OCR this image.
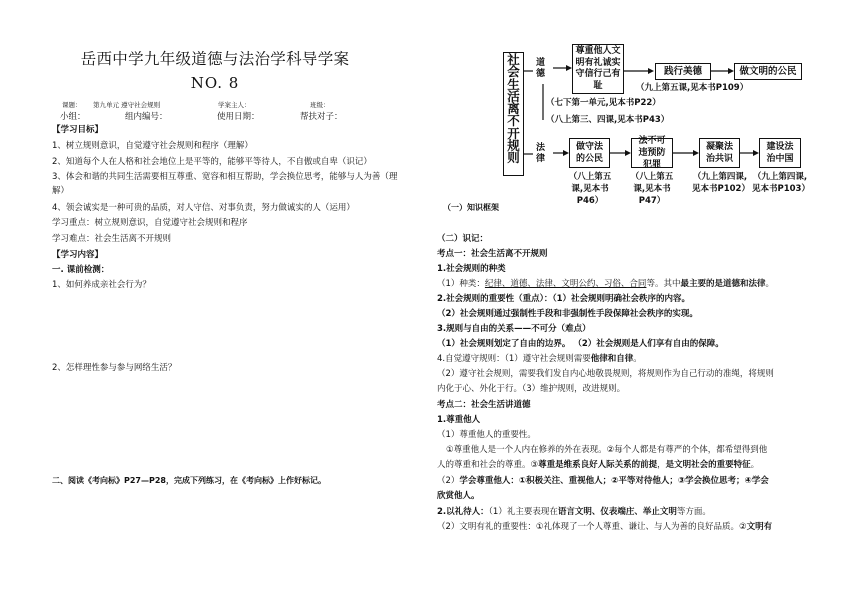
岳西中学九年级道德与法治学科导学案
NO. 8
课题： 第九单元 遵守社会规则	学案主人：	班级：
小组：	组内编号：	使用日期：	帮扶对子：
【学习目标】
1、树立规则意识，自觉遵守社会规则和程序（理解）
2、知道每个人在人格和社会地位上是平等的，能够平等待人，不自傲或自卑（识记）
3、体会和谐的共同生活需要相互尊重、宽容和相互帮助，学会换位思考，能够与人为善（理
解）
4、领会诚实是一种可贵的品质，对人守信、对事负责，努力做诚实的人（运用）
学习重点：树立规则意识，自觉遵守社会规则和程序
学习难点：社会生活离不开规则
【学习内容】
一. 课前检测：
1、如何养成亲社会行为？
2、怎样理性参与参与网络生活？
二、阅读《考向标》P27—P28，完成下列练习，在《考向标》上作好标记。
社会生活离不开规则
道德
法律
尊重他人文明有礼诚实守信行己有耻
践行美德	做文明的公民
（九上第五课,见本书P109）
（七下第一单元,见本书P22）
（八上第三、四课,见本书P43）
做守法的公民
法不可违预防犯罪
凝聚法治共识
建设法治中国
（八上第五课,见本书P46）
（八上第五课,见本书P47）
（九上第四课,见本书P102）
（九上第四课,见本书P103）
（一）知识框架
（二）识记：
考点一：社会生活离不开规则
1.社会规则的种类
（1）种类：纪律、道德、法律、文明公约、习俗、合同等。其中最主要的是道德和法律。
2.社会规则的重要性（重点）：（1）社会规则明确社会秩序的内容。
（2）社会规则通过强制性手段和非强制性手段保障社会秩序的实现。
3.规则与自由的关系——不可分（难点）
（1）社会规则划定了自由的边界。 （2）社会规则是人们享有自由的保障。
4.自觉遵守规则：（1）遵守社会规则需要他律和自律。
（2）遵守社会规则，需要我们发自内心地敬畏规则，将规则作为自己行动的准绳，将规则
内化于心、外化于行。（3）维护规则，改进规则。
考点二：社会生活讲道德
1.尊重他人
（1）尊重他人的重要性。
①尊重他人是一个人内在修养的外在表现。②每个人都是有尊严的个体，都希望得到他
人的尊重和社会的尊重。③尊重是维系良好人际关系的前提，是文明社会的重要特征。
（2）学会尊重他人：①积极关注、重视他人；②平等对待他人；③学会换位思考；④学会
欣赏他人。
2.以礼待人：（1）礼主要表现在语言文明、仪表端庄、举止文明等方面。
（2）文明有礼的重要性：①礼体现了一个人尊重、谦让、与人为善的良好品质。②文明有
